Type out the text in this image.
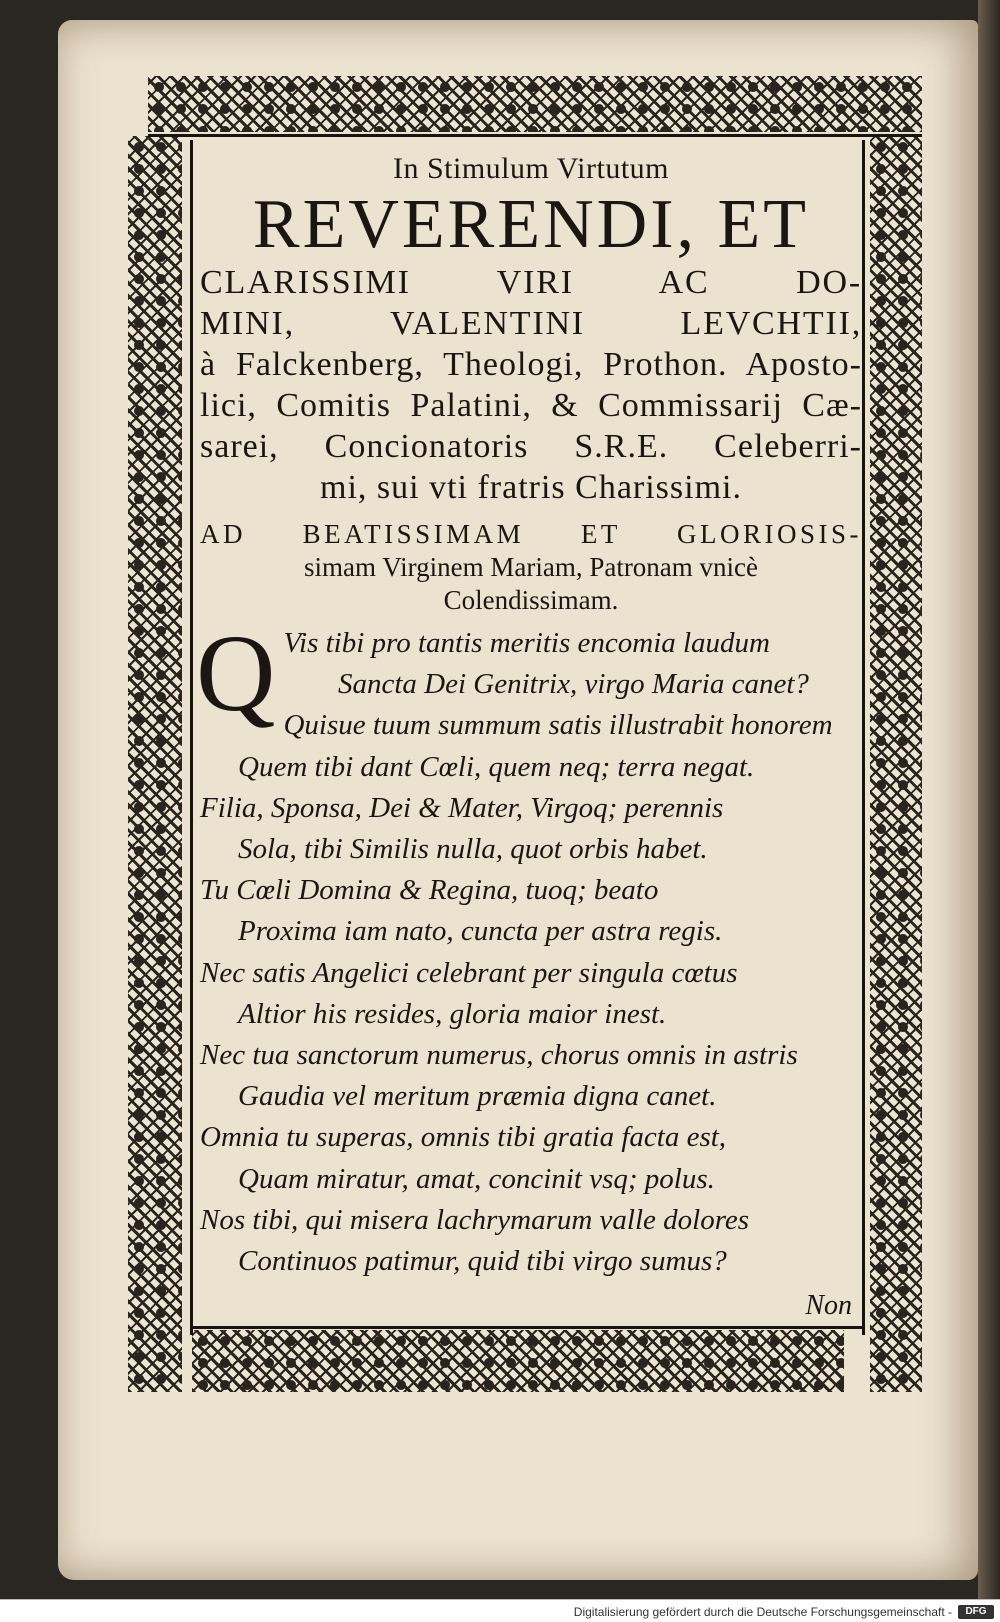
In Stimulum Virtutum
REVERENDI, ET
CLARISSIMI VIRI AC DO-
MINI, VALENTINI LEVCHTII,
à Falckenberg, Theologi, Prothon. Aposto-
lici, Comitis Palatini, & Commissarij Cæ-
sarei, Concionatoris S.R.E. Celeberri-
mi, sui vti fratris Charissimi.
AD BEATISSIMAM ET GLORIOSIS-
simam Virginem Mariam, Patronam vnicè
Colendissimam.
Q Vis tibi pro tantis meritis encomia laudum
Sancta Dei Genitrix, virgo Maria canet?
Quisue tuum summum satis illustrabit honorem
Quem tibi dant Cœli, quem neq; terra negat.
Filia, Sponsa, Dei & Mater, Virgoq; perennis
Sola, tibi Similis nulla, quot orbis habet.
Tu Cœli Domina & Regina, tuoq; beato
Proxima iam nato, cuncta per astra regis.
Nec satis Angelici celebrant per singula cœtus
Altior his resides, gloria maior inest.
Nec tua sanctorum numerus, chorus omnis in astris
Gaudia vel meritum præmia digna canet.
Omnia tu superas, omnis tibi gratia facta est,
Quam miratur, amat, concinit vsq; polus.
Nos tibi, qui misera lachrymarum valle dolores
Continuos patimur, quid tibi virgo sumus?
Non
Digitalisierung gefördert durch die Deutsche Forschungsgemeinschaft -	DFG
